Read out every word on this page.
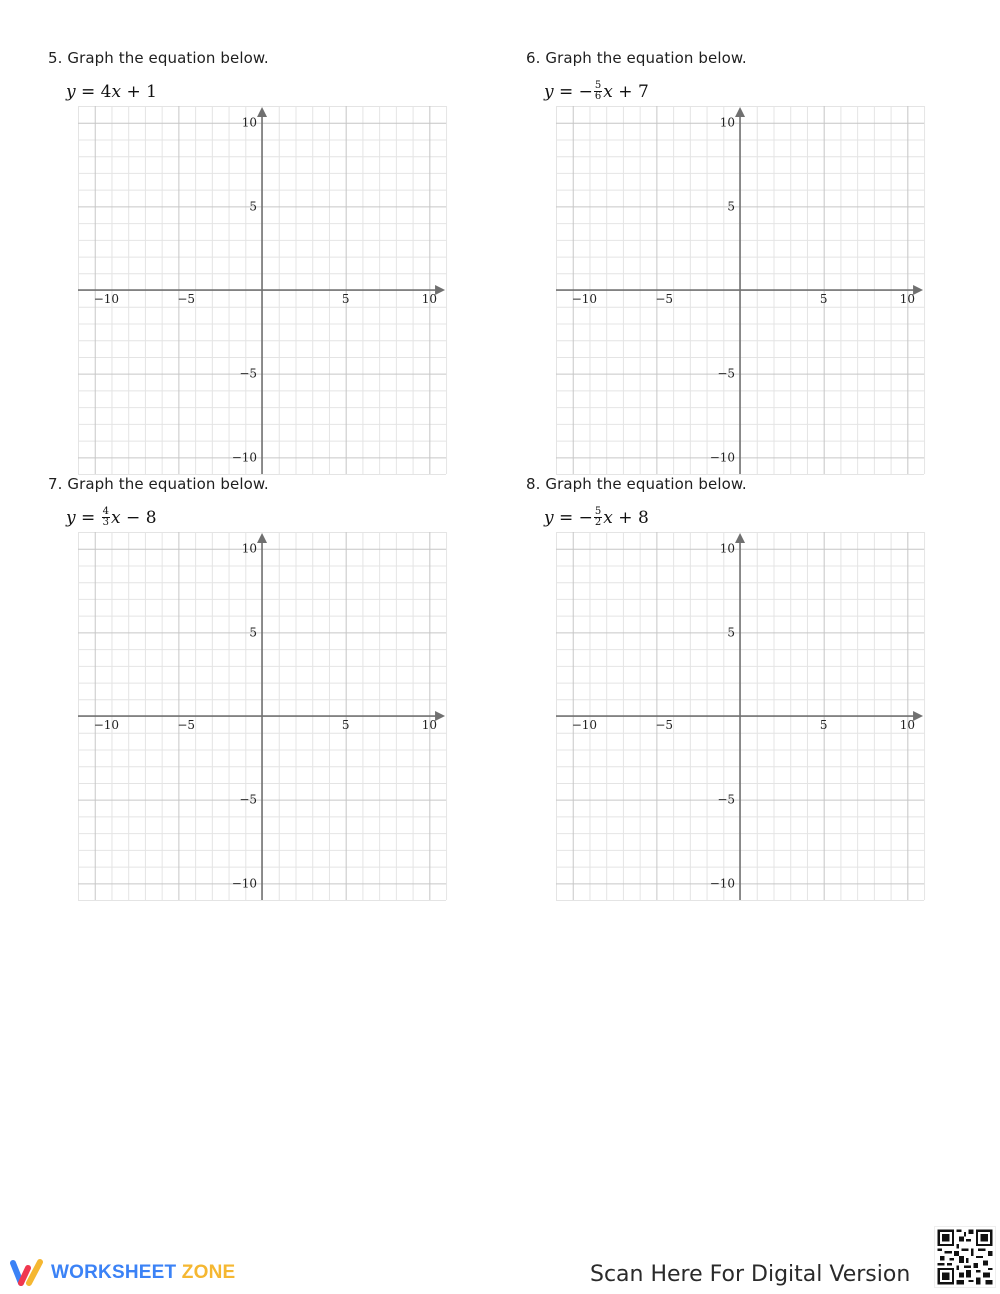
5. Graph the equation below.
y
=
4 x
+
1
−10	−5	5	10
10
5
−5
−10
6. Graph the equation below.
y
=
− $\frac{5}{6}$ x
+
7
−10	−5	5	10
10
5
−5
−10
7. Graph the equation below.
y
=
$\frac{4}{3}$ x
−
8
−10	−5	5	10
10
5
−5
−10
8. Graph the equation below.
y
=
− $\frac{5}{2}$ x
+
8
−10	−5	5	10
10
5
−5
−10
WORKSHEET ZONE	Scan Here For Digital Version
